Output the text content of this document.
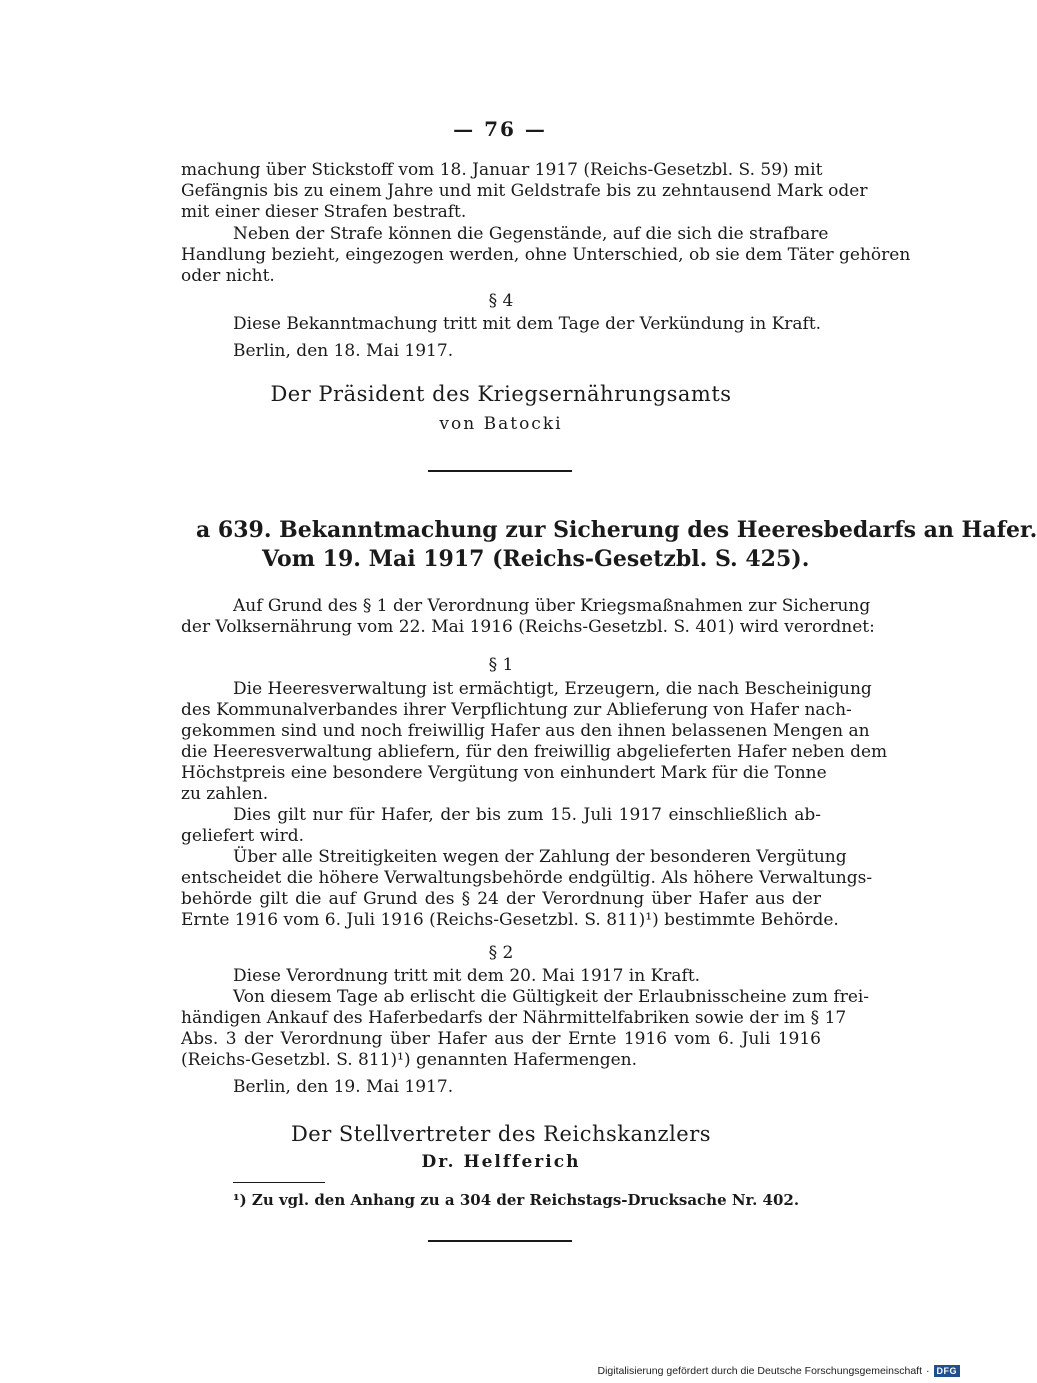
— 76 —
machung über Stickstoff vom 18. Januar 1917 (Reichs-Gesetzbl. S. 59) mit
Gefängnis bis zu einem Jahre und mit Geldstrafe bis zu zehntausend Mark oder
mit einer dieser Strafen bestraft.
Neben der Strafe können die Gegenstände, auf die sich die strafbare
Handlung bezieht, eingezogen werden, ohne Unterschied, ob sie dem Täter gehören
oder nicht.
§ 4
Diese Bekanntmachung tritt mit dem Tage der Verkündung in Kraft.
Berlin, den 18. Mai 1917.
Der Präsident des Kriegsernährungsamts
von Batocki
a 639. Bekanntmachung zur Sicherung des Heeresbedarfs an Hafer.
Vom 19. Mai 1917 (Reichs-Gesetzbl. S. 425).
Auf Grund des § 1 der Verordnung über Kriegsmaßnahmen zur Sicherung
der Volksernährung vom 22. Mai 1916 (Reichs-Gesetzbl. S. 401) wird verordnet:
§ 1
Die Heeresverwaltung ist ermächtigt, Erzeugern, die nach Bescheinigung
des Kommunalverbandes ihrer Verpflichtung zur Ablieferung von Hafer nach-
gekommen sind und noch freiwillig Hafer aus den ihnen belassenen Mengen an
die Heeresverwaltung abliefern, für den freiwillig abgelieferten Hafer neben dem
Höchstpreis eine besondere Vergütung von einhundert Mark für die Tonne
zu zahlen.
Dies gilt nur für Hafer, der bis zum 15. Juli 1917 einschließlich ab-
geliefert wird.
Über alle Streitigkeiten wegen der Zahlung der besonderen Vergütung
entscheidet die höhere Verwaltungsbehörde endgültig. Als höhere Verwaltungs-
behörde gilt die auf Grund des § 24 der Verordnung über Hafer aus der
Ernte 1916 vom 6. Juli 1916 (Reichs-Gesetzbl. S. 811)¹) bestimmte Behörde.
§ 2
Diese Verordnung tritt mit dem 20. Mai 1917 in Kraft.
Von diesem Tage ab erlischt die Gültigkeit der Erlaubnisscheine zum frei-
händigen Ankauf des Haferbedarfs der Nährmittelfabriken sowie der im § 17
Abs. 3 der Verordnung über Hafer aus der Ernte 1916 vom 6. Juli 1916
(Reichs-Gesetzbl. S. 811)¹) genannten Hafermengen.
Berlin, den 19. Mai 1917.
Der Stellvertreter des Reichskanzlers
Dr. Helfferich
¹) Zu vgl. den Anhang zu a 304 der Reichstags-Drucksache Nr. 402.
Digitalisierung gefördert durch die Deutsche Forschungsgemeinschaft · DFG
